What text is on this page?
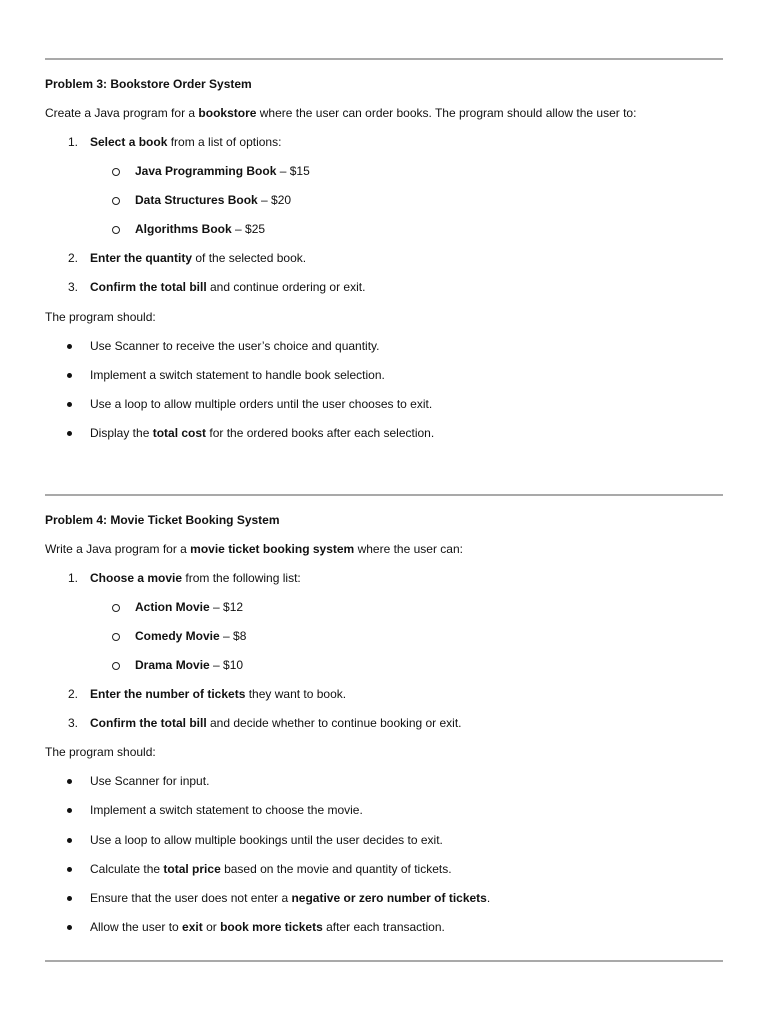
Problem 3: Bookstore Order System
Create a Java program for a bookstore where the user can order books. The program should allow the user to:
1. Select a book from a list of options:
Java Programming Book – $15
Data Structures Book – $20
Algorithms Book – $25
2. Enter the quantity of the selected book.
3. Confirm the total bill and continue ordering or exit.
The program should:
Use Scanner to receive the user’s choice and quantity.
Implement a switch statement to handle book selection.
Use a loop to allow multiple orders until the user chooses to exit.
Display the total cost for the ordered books after each selection.
Problem 4: Movie Ticket Booking System
Write a Java program for a movie ticket booking system where the user can:
1. Choose a movie from the following list:
Action Movie – $12
Comedy Movie – $8
Drama Movie – $10
2. Enter the number of tickets they want to book.
3. Confirm the total bill and decide whether to continue booking or exit.
The program should:
Use Scanner for input.
Implement a switch statement to choose the movie.
Use a loop to allow multiple bookings until the user decides to exit.
Calculate the total price based on the movie and quantity of tickets.
Ensure that the user does not enter a negative or zero number of tickets.
Allow the user to exit or book more tickets after each transaction.
